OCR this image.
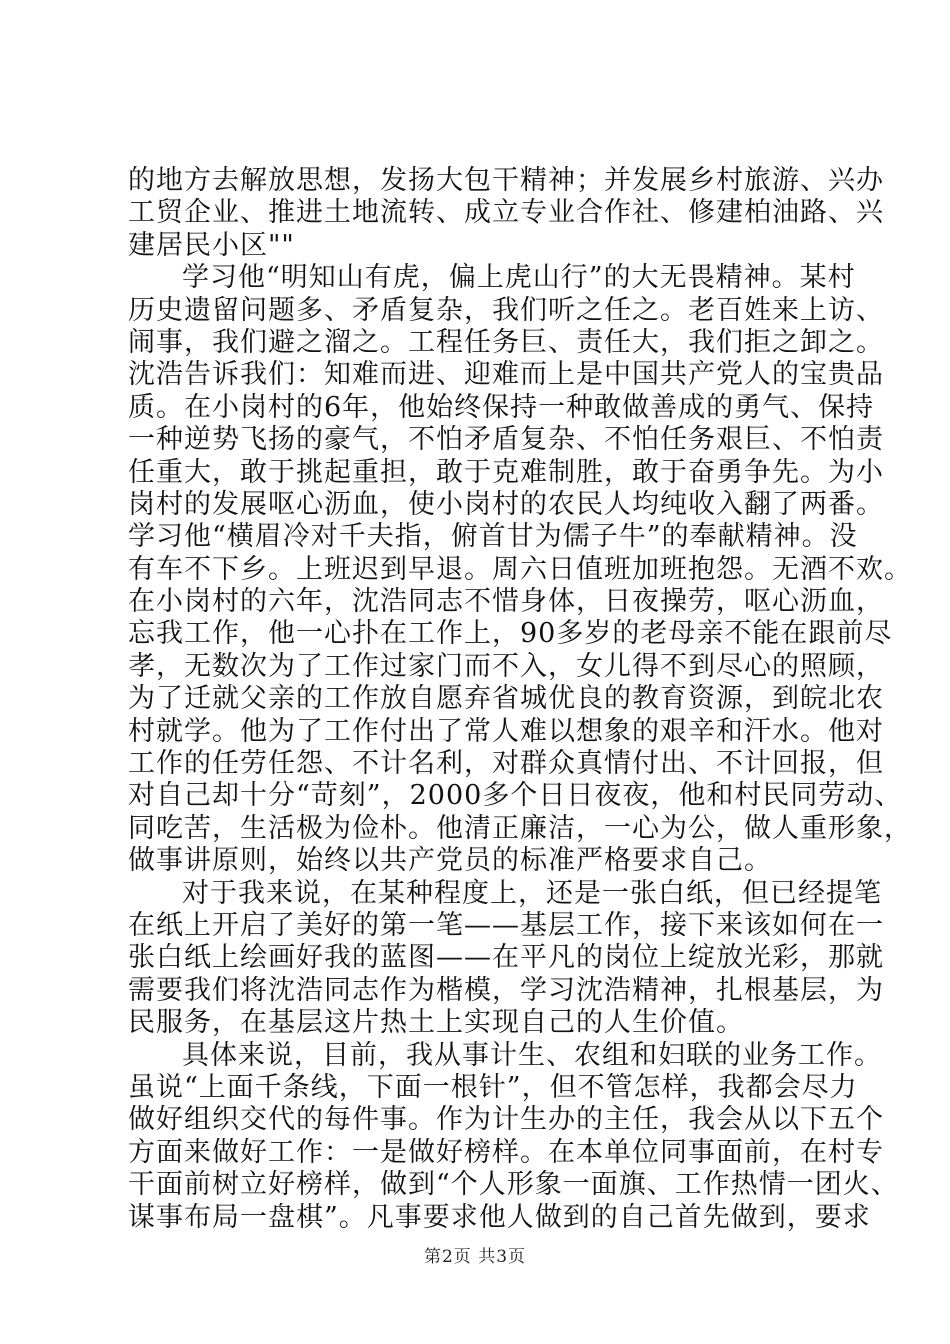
的地方去解放思想，发扬大包干精神；并发展乡村旅游、兴办
工贸企业、推进土地流转、成立专业合作社、修建柏油路、兴
建居民小区""
学习他“明知山有虎，偏上虎山行”的大无畏精神。某村
历史遗留问题多、矛盾复杂，我们听之任之。老百姓来上访、
闹事，我们避之溜之。工程任务巨、责任大，我们拒之卸之。
沈浩告诉我们：知难而进、迎难而上是中国共产党人的宝贵品
质。在小岗村的6年，他始终保持一种敢做善成的勇气、保持
一种逆势飞扬的豪气，不怕矛盾复杂、不怕任务艰巨、不怕责
任重大，敢于挑起重担，敢于克难制胜，敢于奋勇争先。为小
岗村的发展呕心沥血，使小岗村的农民人均纯收入翻了两番。
学习他“横眉冷对千夫指，俯首甘为儒子牛”的奉献精神。没
有车不下乡。上班迟到早退。周六日值班加班抱怨。无酒不欢。
在小岗村的六年，沈浩同志不惜身体，日夜操劳，呕心沥血，
忘我工作，他一心扑在工作上，90多岁的老母亲不能在跟前尽
孝，无数次为了工作过家门而不入，女儿得不到尽心的照顾，
为了迁就父亲的工作放自愿弃省城优良的教育资源，到皖北农
村就学。他为了工作付出了常人难以想象的艰辛和汗水。他对
工作的任劳任怨、不计名利，对群众真情付出、不计回报，但
对自己却十分“苛刻”，2000多个日日夜夜，他和村民同劳动、
同吃苦，生活极为俭朴。他清正廉洁，一心为公，做人重形象，
做事讲原则，始终以共产党员的标准严格要求自己。
对于我来说，在某种程度上，还是一张白纸，但已经提笔
在纸上开启了美好的第一笔——基层工作，接下来该如何在一
张白纸上绘画好我的蓝图——在平凡的岗位上绽放光彩，那就
需要我们将沈浩同志作为楷模，学习沈浩精神，扎根基层，为
民服务，在基层这片热土上实现自己的人生价值。
具体来说，目前，我从事计生、农组和妇联的业务工作。
虽说“上面千条线，下面一根针”，但不管怎样，我都会尽力
做好组织交代的每件事。作为计生办的主任，我会从以下五个
方面来做好工作：一是做好榜样。在本单位同事面前，在村专
干面前树立好榜样，做到“个人形象一面旗、工作热情一团火、
谋事布局一盘棋”。凡事要求他人做到的自己首先做到，要求
第2页 共3页
